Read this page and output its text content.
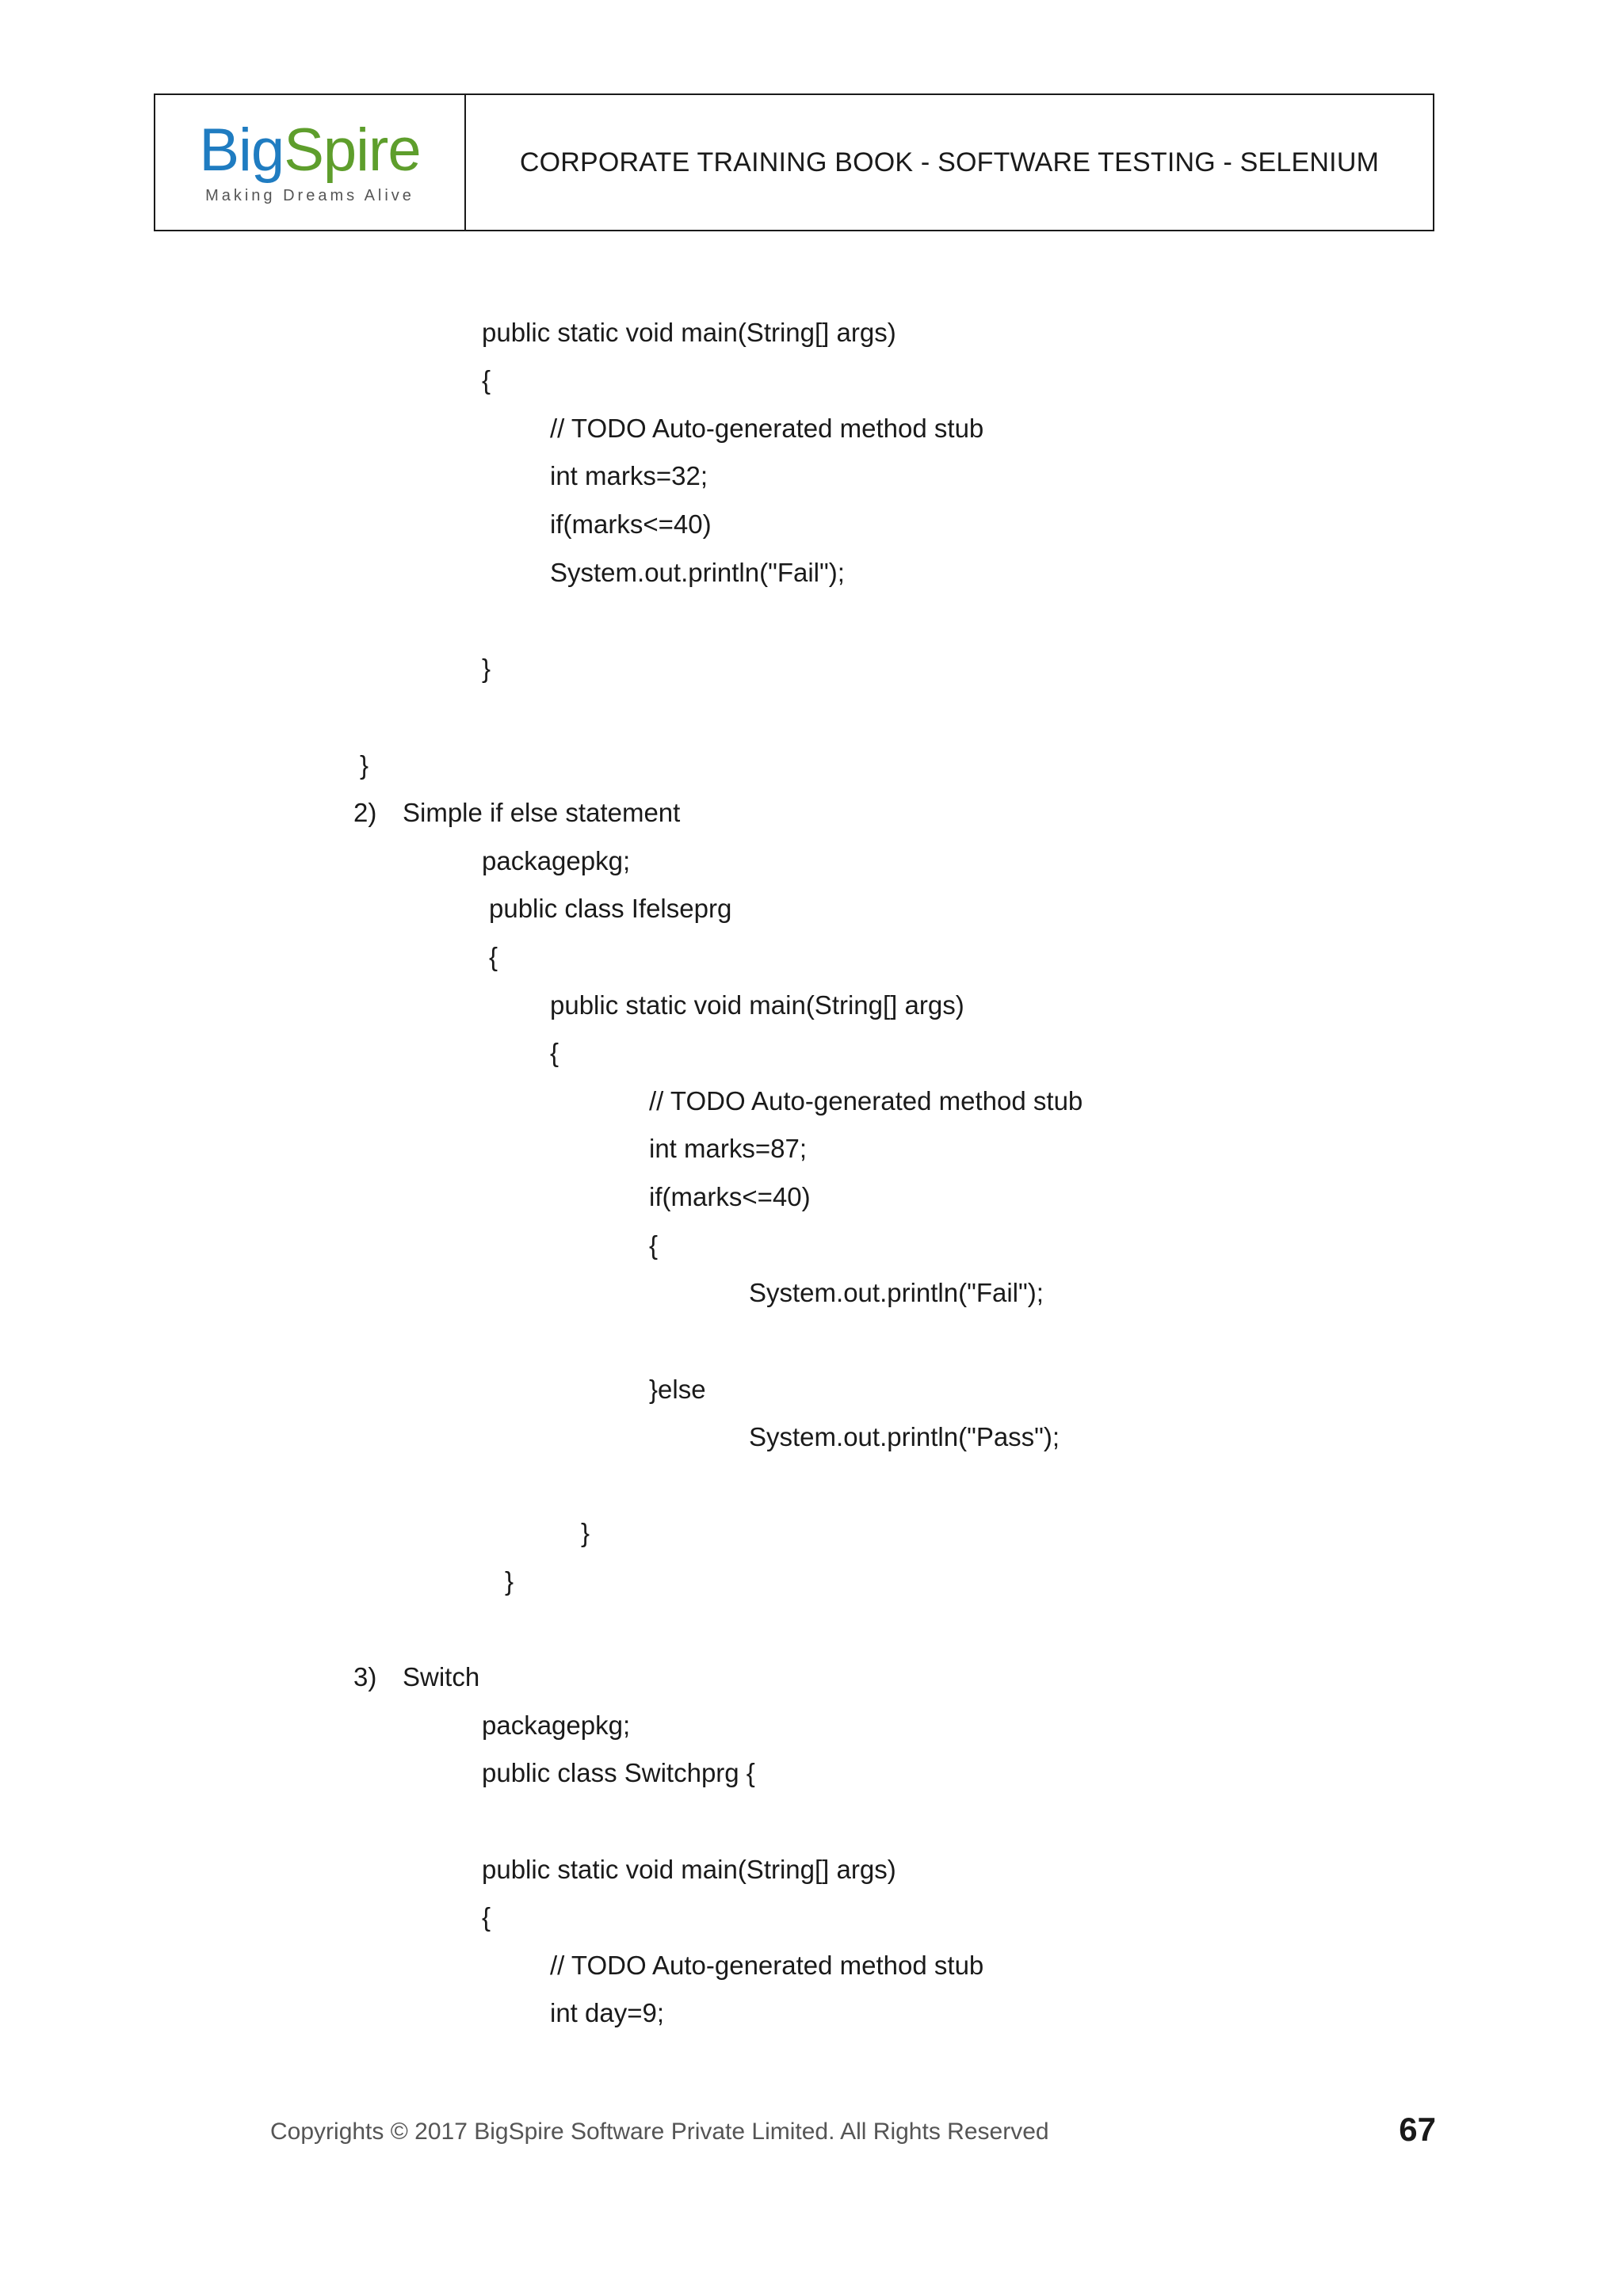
BigSpire
Making Dreams Alive
CORPORATE TRAINING BOOK - SOFTWARE TESTING - SELENIUM
public static void main(String[] args)
{
// TODO Auto-generated method stub
int marks=32;
if(marks<=40)
System.out.println("Fail");
}
}
2) Simple if else statement
packagepkg;
public class Ifelseprg
{
public static void main(String[] args)
{
// TODO Auto-generated method stub
int marks=87;
if(marks<=40)
{
System.out.println("Fail");
}else
System.out.println("Pass");
}
}
3) Switch
packagepkg;
public class Switchprg {
public static void main(String[] args)
{
// TODO Auto-generated method stub
int day=9;
Copyrights © 2017 BigSpire Software Private Limited. All Rights Reserved	67
